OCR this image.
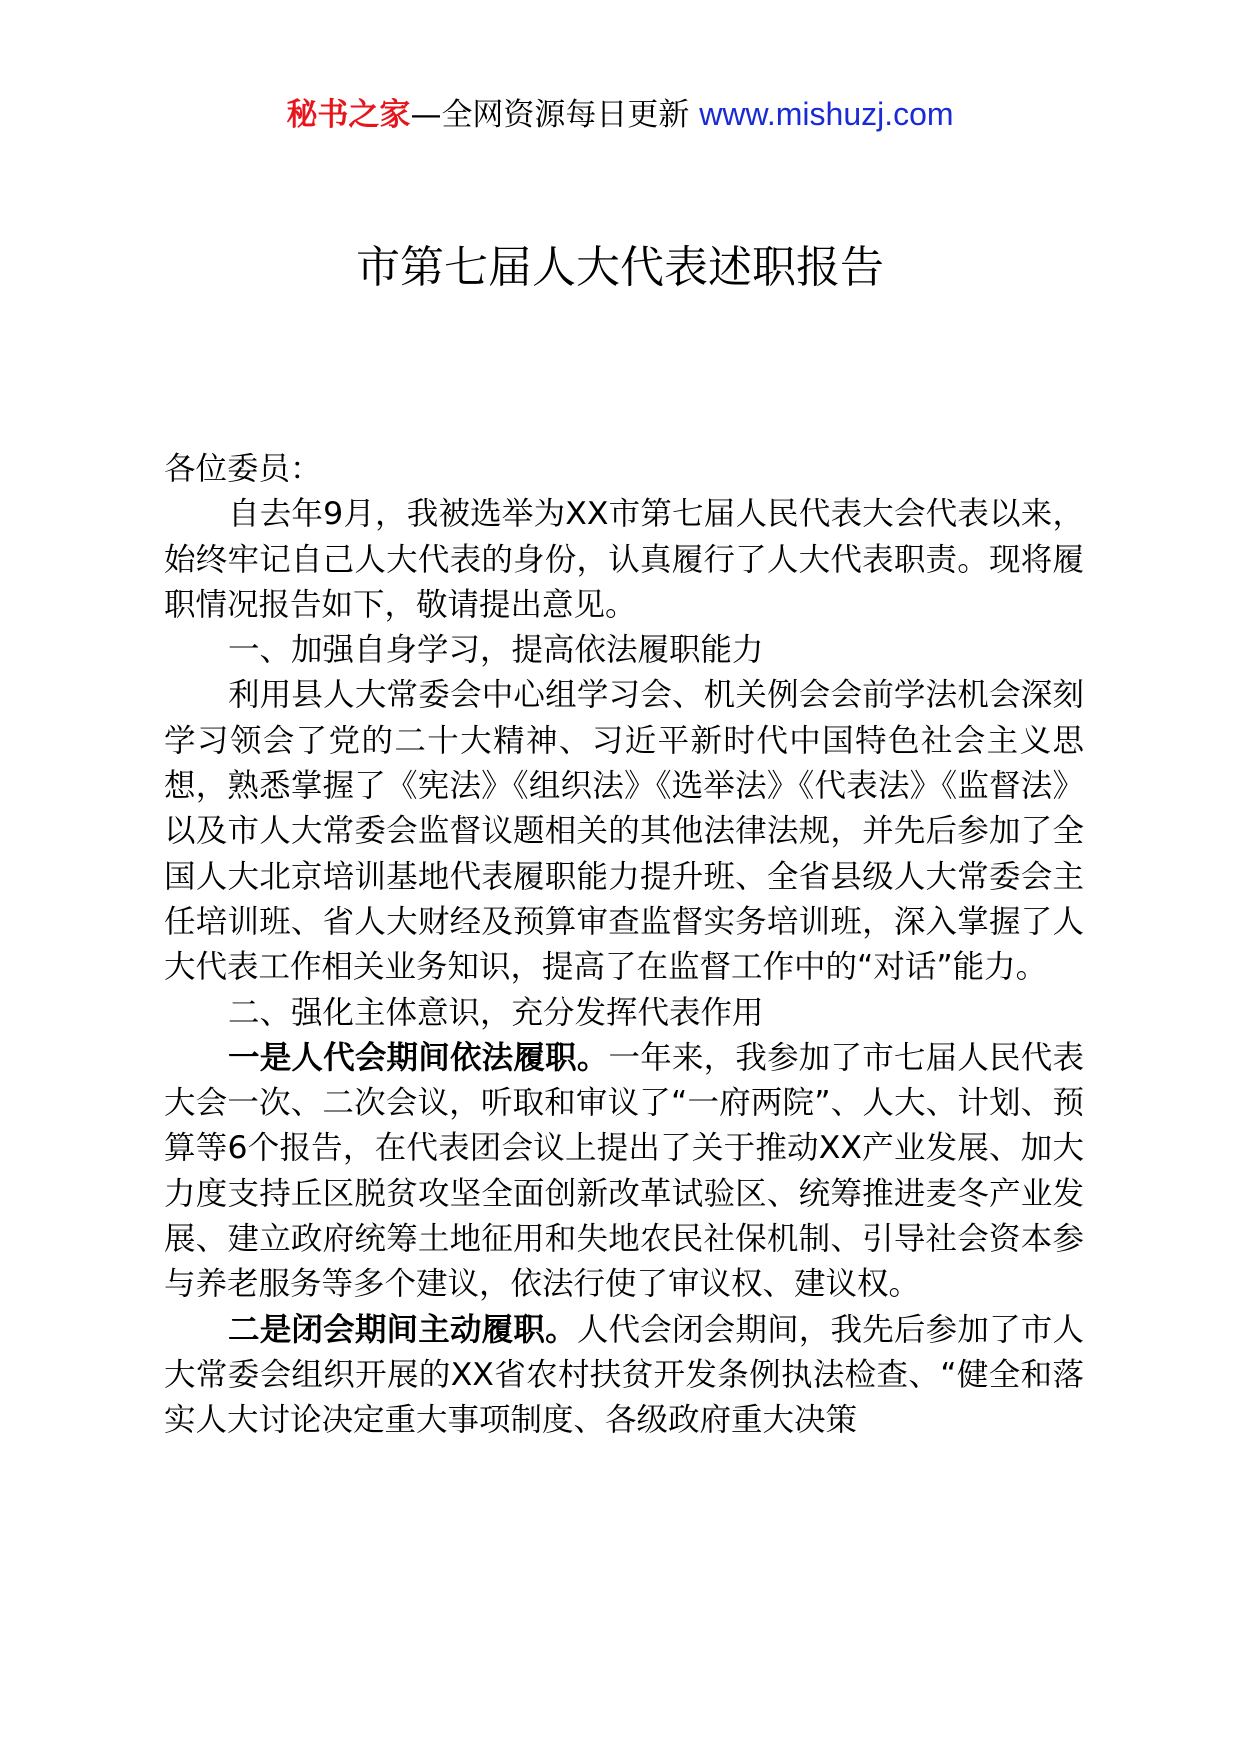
秘书之家—全网资源每日更新 www.mishuzj.com
市第七届人大代表述职报告

各位委员：

自去年9月，我被选举为XX市第七届人民代表大会代表以来，始终牢记自己人大代表的身份，认真履行了人大代表职责。现将履职情况报告如下，敬请提出意见。

一、加强自身学习，提高依法履职能力

利用县人大常委会中心组学习会、机关例会会前学法机会深刻学习领会了党的二十大精神、习近平新时代中国特色社会主义思想，熟悉掌握了《宪法》《组织法》《选举法》《代表法》《监督法》以及市人大常委会监督议题相关的其他法律法规，并先后参加了全国人大北京培训基地代表履职能力提升班、全省县级人大常委会主任培训班、省人大财经及预算审查监督实务培训班，深入掌握了人大代表工作相关业务知识，提高了在监督工作中的“对话”能力。

二、强化主体意识，充分发挥代表作用

一是人代会期间依法履职。一年来，我参加了市七届人民代表大会一次、二次会议，听取和审议了“一府两院”、人大、计划、预算等6个报告，在代表团会议上提出了关于推动XX产业发展、加大力度支持丘区脱贫攻坚全面创新改革试验区、统筹推进麦冬产业发展、建立政府统筹土地征用和失地农民社保机制、引导社会资本参与养老服务等多个建议，依法行使了审议权、建议权。

二是闭会期间主动履职。人代会闭会期间，我先后参加了市人大常委会组织开展的XX省农村扶贫开发条例执法检查、“健全和落实人大讨论决定重大事项制度、各级政府重大决策
